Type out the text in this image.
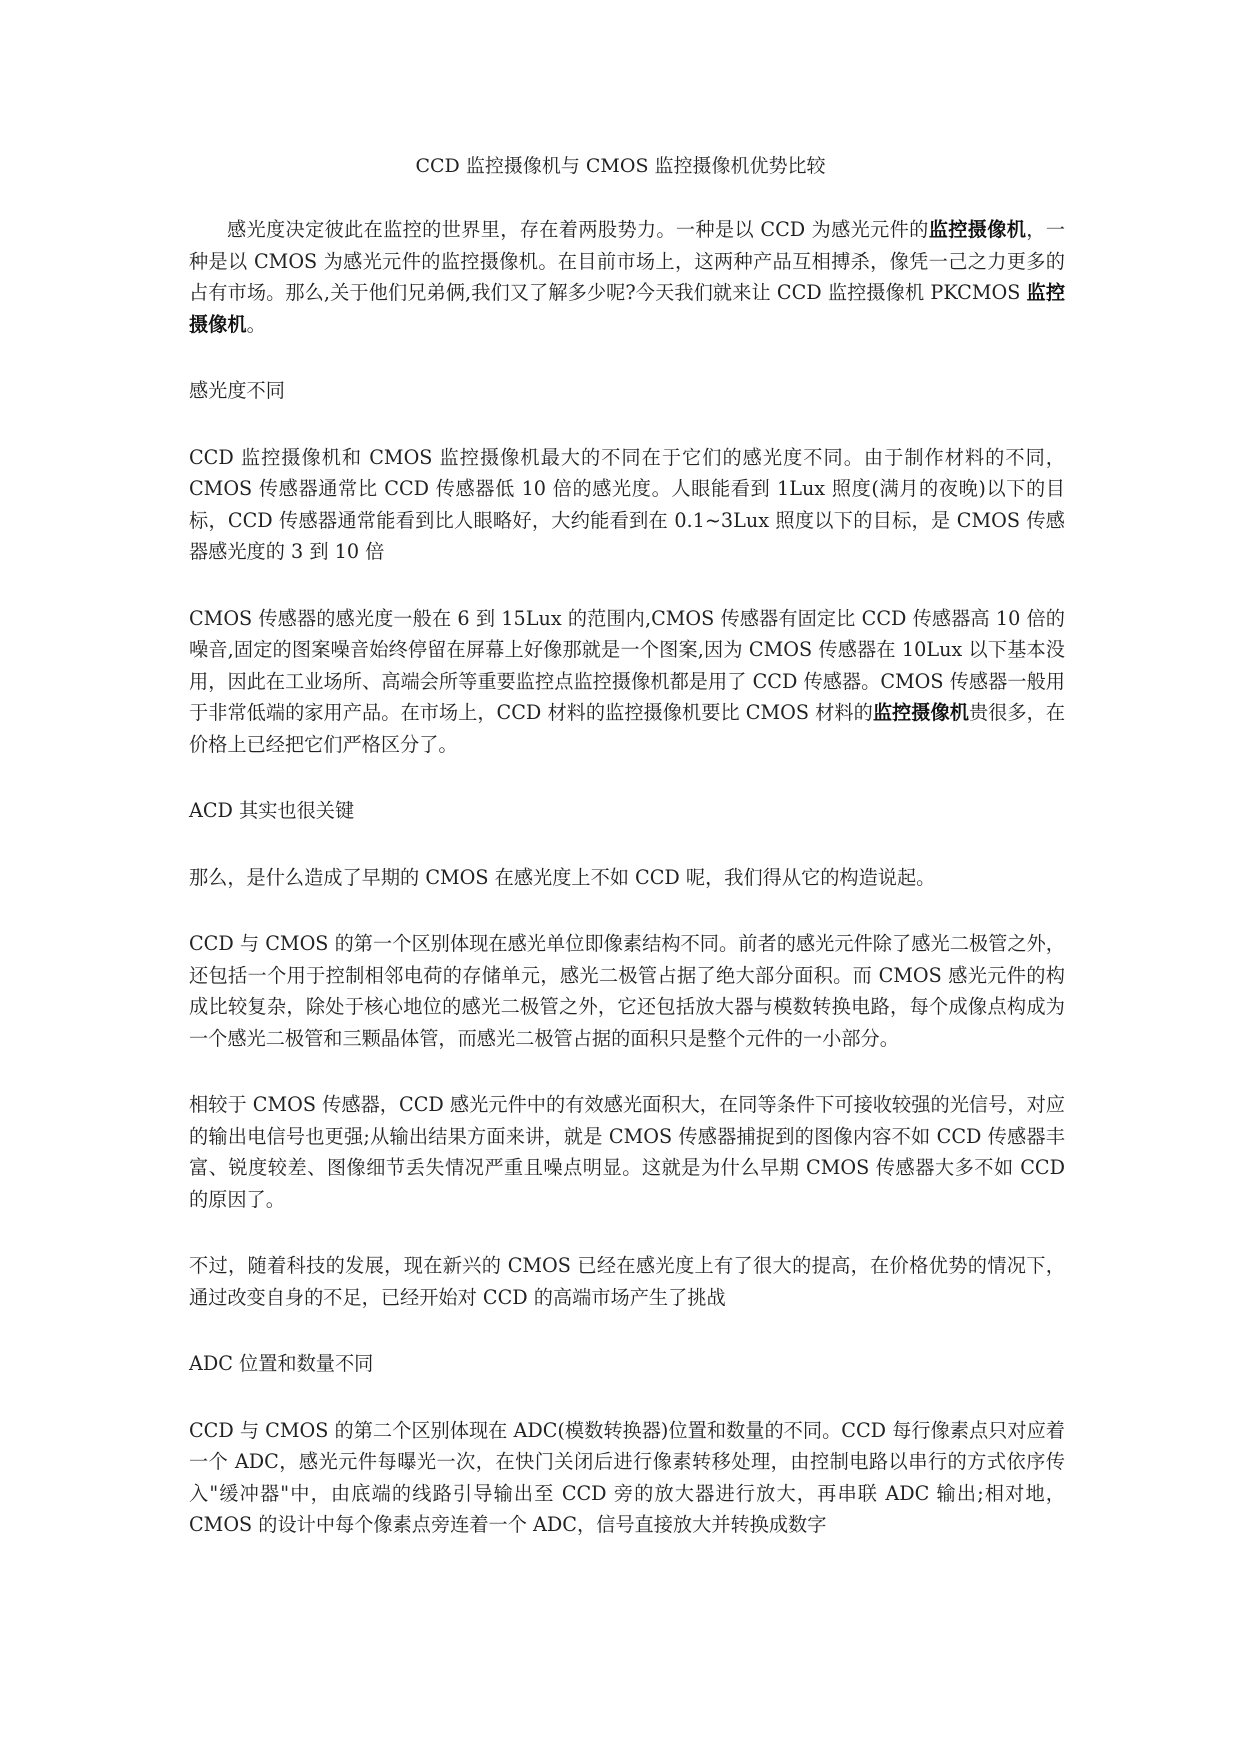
CCD 监控摄像机与 CMOS 监控摄像机优势比较

感光度决定彼此在监控的世界里，存在着两股势力。一种是以 CCD 为感光元件的监控摄像机，一种是以 CMOS 为感光元件的监控摄像机。在目前市场上，这两种产品互相搏杀，像凭一己之力更多的占有市场。那么,关于他们兄弟俩,我们又了解多少呢?今天我们就来让 CCD 监控摄像机 PKCMOS 监控摄像机。

感光度不同

CCD 监控摄像机和 CMOS 监控摄像机最大的不同在于它们的感光度不同。由于制作材料的不同，CMOS 传感器通常比 CCD 传感器低 10 倍的感光度。人眼能看到 1Lux 照度(满月的夜晚)以下的目标，CCD 传感器通常能看到比人眼略好，大约能看到在 0.1~3Lux 照度以下的目标，是 CMOS 传感器感光度的 3 到 10 倍

CMOS 传感器的感光度一般在 6 到 15Lux 的范围内,CMOS 传感器有固定比 CCD 传感器高 10 倍的噪音,固定的图案噪音始终停留在屏幕上好像那就是一个图案,因为 CMOS 传感器在 10Lux 以下基本没用，因此在工业场所、高端会所等重要监控点监控摄像机都是用了 CCD 传感器。CMOS 传感器一般用于非常低端的家用产品。在市场上，CCD 材料的监控摄像机要比 CMOS 材料的监控摄像机贵很多，在价格上已经把它们严格区分了。

ACD 其实也很关键

那么，是什么造成了早期的 CMOS 在感光度上不如 CCD 呢，我们得从它的构造说起。

CCD 与 CMOS 的第一个区别体现在感光单位即像素结构不同。前者的感光元件除了感光二极管之外，还包括一个用于控制相邻电荷的存储单元，感光二极管占据了绝大部分面积。而 CMOS 感光元件的构成比较复杂，除处于核心地位的感光二极管之外，它还包括放大器与模数转换电路，每个成像点构成为一个感光二极管和三颗晶体管，而感光二极管占据的面积只是整个元件的一小部分。

相较于 CMOS 传感器，CCD 感光元件中的有效感光面积大，在同等条件下可接收较强的光信号，对应的输出电信号也更强;从输出结果方面来讲，就是 CMOS 传感器捕捉到的图像内容不如 CCD 传感器丰富、锐度较差、图像细节丢失情况严重且噪点明显。这就是为什么早期 CMOS 传感器大多不如 CCD 的原因了。

不过，随着科技的发展，现在新兴的 CMOS 已经在感光度上有了很大的提高，在价格优势的情况下，通过改变自身的不足，已经开始对 CCD 的高端市场产生了挑战

ADC 位置和数量不同

CCD 与 CMOS 的第二个区别体现在 ADC(模数转换器)位置和数量的不同。CCD 每行像素点只对应着一个 ADC，感光元件每曝光一次，在快门关闭后进行像素转移处理，由控制电路以串行的方式依序传入"缓冲器"中，由底端的线路引导输出至 CCD 旁的放大器进行放大，再串联 ADC 输出;相对地，CMOS 的设计中每个像素点旁连着一个 ADC，信号直接放大并转换成数字
